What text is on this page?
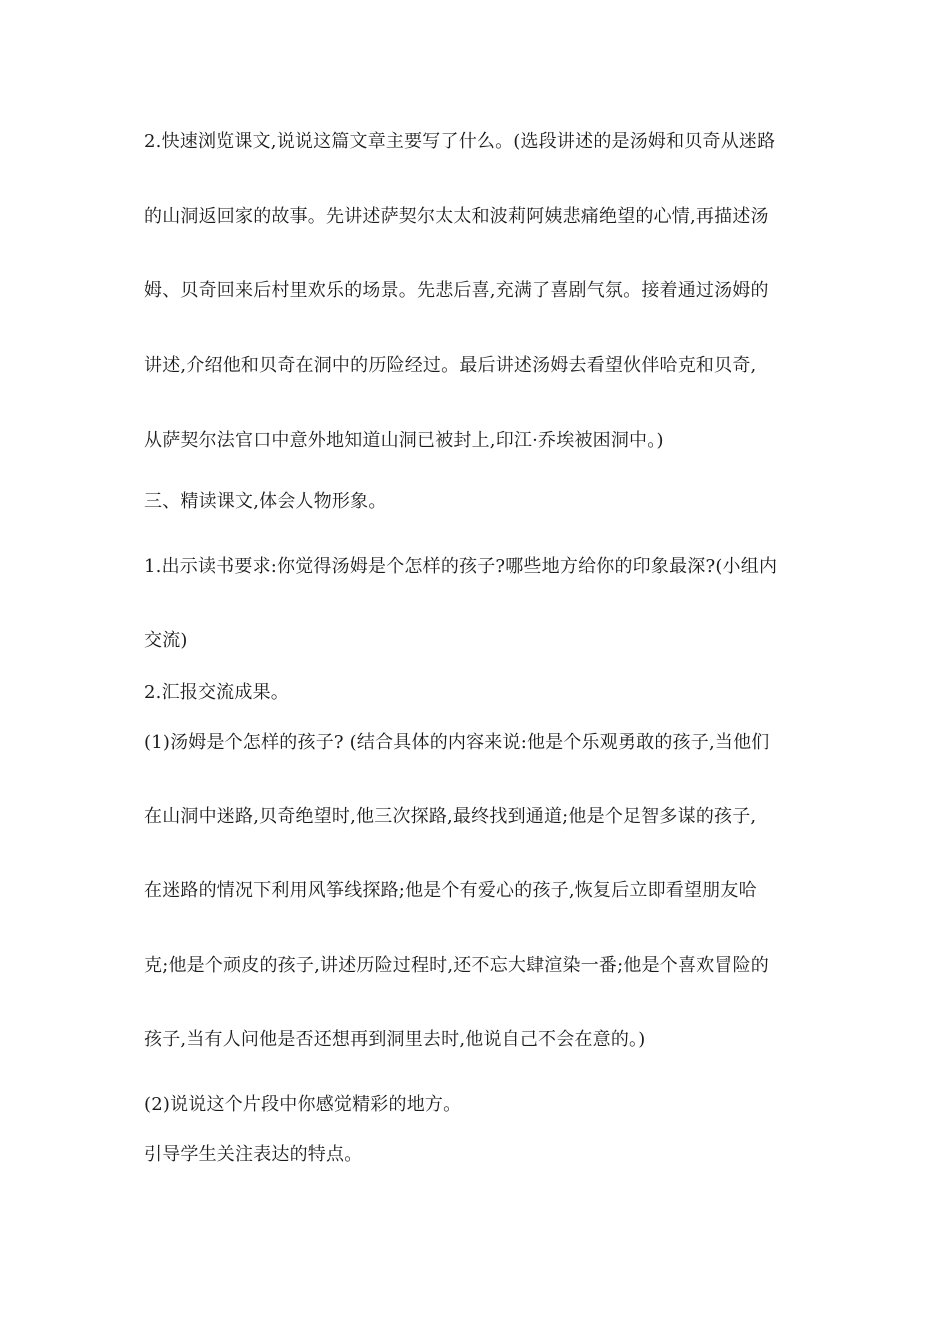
2.快速浏览课文,说说这篇文章主要写了什么。(选段讲述的是汤姆和贝奇从迷路
的山洞返回家的故事。先讲述萨契尔太太和波莉阿姨悲痛绝望的心情,再描述汤
姆、贝奇回来后村里欢乐的场景。先悲后喜,充满了喜剧气氛。接着通过汤姆的
讲述,介绍他和贝奇在洞中的历险经过。最后讲述汤姆去看望伙伴哈克和贝奇,
从萨契尔法官口中意外地知道山洞已被封上,印江·乔埃被困洞中。)
三、精读课文,体会人物形象。
1.出示读书要求:你觉得汤姆是个怎样的孩子?哪些地方给你的印象最深?(小组内
交流)
2.汇报交流成果。
(1)汤姆是个怎样的孩子? (结合具体的内容来说:他是个乐观勇敢的孩子,当他们
在山洞中迷路,贝奇绝望时,他三次探路,最终找到通道;他是个足智多谋的孩子,
在迷路的情况下利用风筝线探路;他是个有爱心的孩子,恢复后立即看望朋友哈
克;他是个顽皮的孩子,讲述历险过程时,还不忘大肆渲染一番;他是个喜欢冒险的
孩子,当有人问他是否还想再到洞里去时,他说自己不会在意的。)
(2)说说这个片段中你感觉精彩的地方。
引导学生关注表达的特点。
